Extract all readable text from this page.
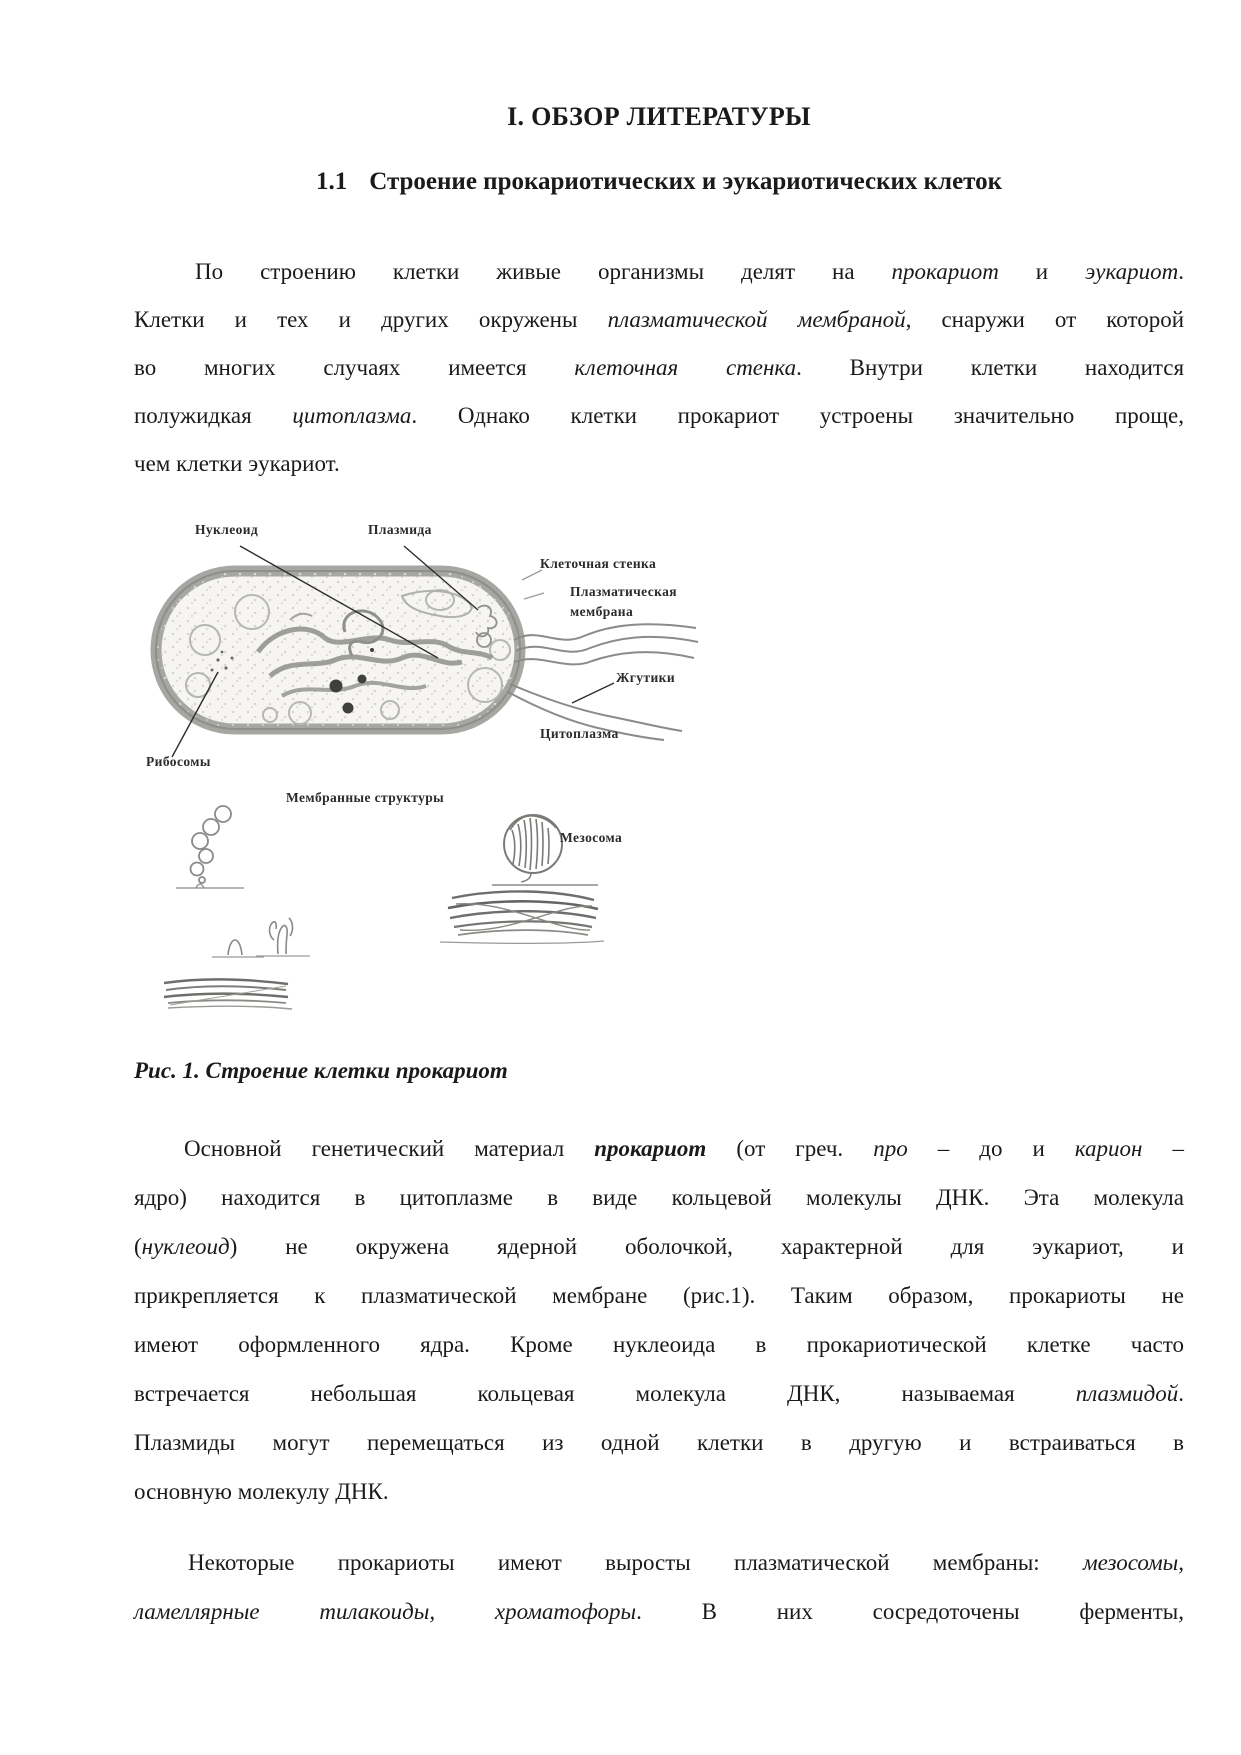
I. ОБЗОР ЛИТЕРАТУРЫ
1.1 Строение прокариотических и эукариотических клеток
По строению клетки живые организмы делят на прокариот и эукариот.
Клетки и тех и других окружены плазматической мембраной, снаружи от которой
во многих случаях имеется клеточная стенка. Внутри клетки находится
полужидкая цитоплазма. Однако клетки прокариот устроены значительно проще,
чем клетки эукариот.
Нуклеоид	Плазмида
Клеточная стенка
Плазматическая
мембрана
Жгутики
Цитоплазма
Рибосомы
Мембранные структуры
Мезосома
Рис. 1. Строение клетки прокариот
Основной генетический материал прокариот (от греч. про – до и карион –
ядро) находится в цитоплазме в виде кольцевой молекулы ДНК. Эта молекула
(нуклеоид) не окружена ядерной оболочкой, характерной для эукариот, и
прикрепляется к плазматической мембране (рис.1). Таким образом, прокариоты не
имеют оформленного ядра. Кроме нуклеоида в прокариотической клетке часто
встречается небольшая кольцевая молекула ДНК, называемая плазмидой.
Плазмиды могут перемещаться из одной клетки в другую и встраиваться в
основную молекулу ДНК.
Некоторые прокариоты имеют выросты плазматической мембраны: мезосомы,
ламеллярные тилакоиды, хроматофоры. В них сосредоточены ферменты,
